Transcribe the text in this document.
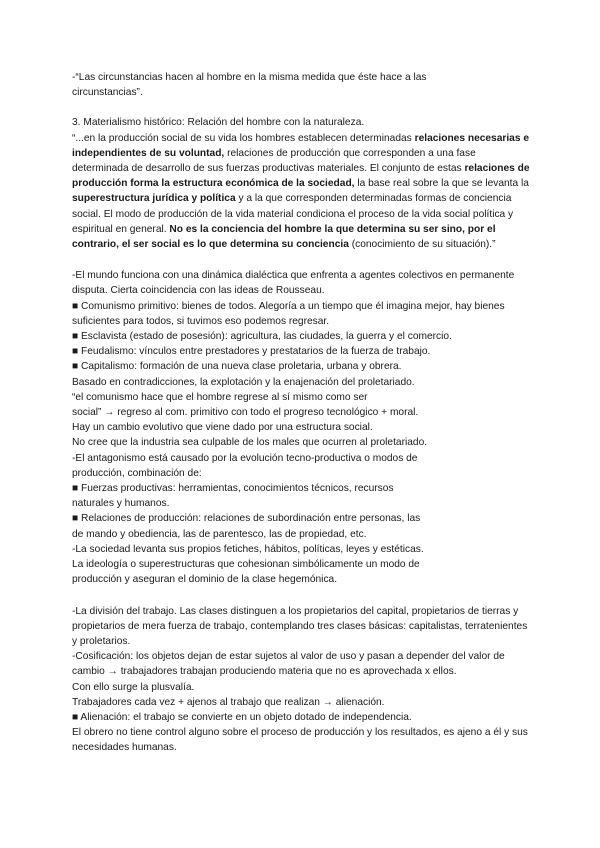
-“Las circunstancias hacen al hombre en la misma medida que éste hace a las
circunstancias”.

3. Materialismo histórico: Relación del hombre con la naturaleza.

“...en la producción social de su vida los hombres establecen determinadas relaciones necesarias e independientes de su voluntad, relaciones de producción que corresponden a una fase determinada de desarrollo de sus fuerzas productivas materiales. El conjunto de estas relaciones de producción forma la estructura económica de la sociedad, la base real sobre la que se levanta la superestructura jurídica y política y a la que corresponden determinadas formas de conciencia social. El modo de producción de la vida material condiciona el proceso de la vida social política y espiritual en general. No es la conciencia del hombre la que determina su ser sino, por el contrario, el ser social es lo que determina su conciencia (conocimiento de su situación).”

-El mundo funciona con una dinámica dialéctica que enfrenta a agentes colectivos en permanente disputa. Cierta coincidencia con las ideas de Rousseau.

■ Comunismo primitivo: bienes de todos. Alegoría a un tiempo que él imagina mejor, hay bienes suficientes para todos, si tuvimos eso podemos regresar.

■ Esclavista (estado de posesión): agricultura, las ciudades, la guerra y el comercio.

■ Feudalismo: vínculos entre prestadores y prestatarios de la fuerza de trabajo.

■ Capitalismo: formación de una nueva clase proletaria, urbana y obrera.

Basado en contradicciones, la explotación y la enajenación del proletariado.

“el comunismo hace que el hombre regrese al sí mismo como ser

social” → regreso al com. primitivo con todo el progreso tecnológico + moral.

Hay un cambio evolutivo que viene dado por una estructura social.

No cree que la industria sea culpable de los males que ocurren al proletariado.

-El antagonismo está causado por la evolución tecno-productiva o modos de

producción, combinación de:

■ Fuerzas productivas: herramientas, conocimientos técnicos, recursos

naturales y humanos.

■ Relaciones de producción: relaciones de subordinación entre personas, las

de mando y obediencia, las de parentesco, las de propiedad, etc.

-La sociedad levanta sus propios fetiches, hábitos, políticas, leyes y estéticas.

La ideología o superestructuras que cohesionan simbólicamente un modo de

producción y aseguran el dominio de la clase hegemónica.

-La división del trabajo. Las clases distinguen a los propietarios del capital, propietarios de tierras y propietarios de mera fuerza de trabajo, contemplando tres clases básicas: capitalistas, terratenientes y proletarios.

-Cosificación: los objetos dejan de estar sujetos al valor de uso y pasan a depender del valor de cambio → trabajadores trabajan produciendo materia que no es aprovechada x ellos.

Con ello surge la plusvalía.

Trabajadores cada vez + ajenos al trabajo que realizan → alienación.

■ Alienación: el trabajo se convierte en un objeto dotado de independencia.

El obrero no tiene control alguno sobre el proceso de producción y los resultados, es ajeno a él y sus necesidades humanas.
